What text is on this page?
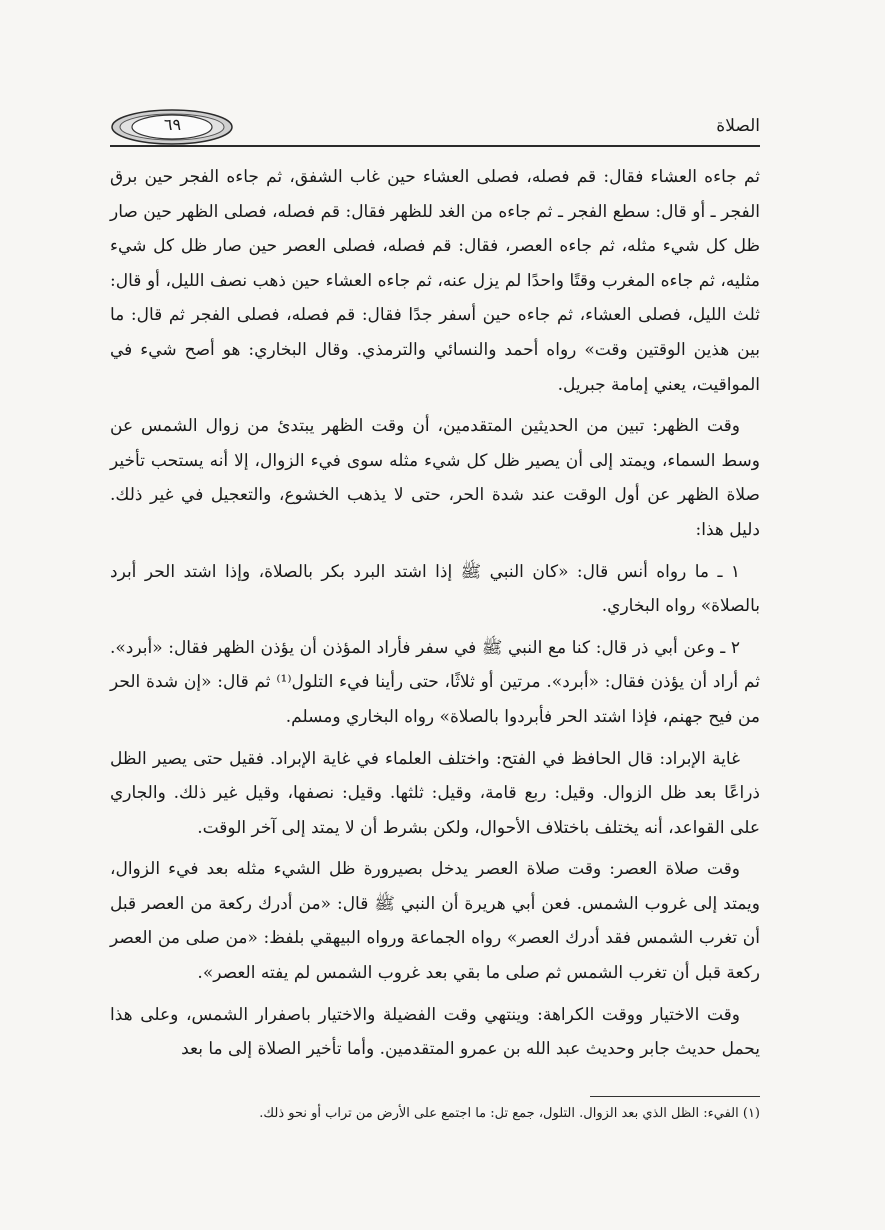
٦٩	الصلاة

ثم جاءه العشاء فقال: قم فصله، فصلى العشاء حين غاب الشفق، ثم جاءه الفجر حين برق الفجر ـ أو قال: سطع الفجر ـ ثم جاءه من الغد للظهر فقال: قم فصله، فصلى الظهر حين صار ظل كل شيء مثله، ثم جاءه العصر، فقال: قم فصله، فصلى العصر حين صار ظل كل شيء مثليه، ثم جاءه المغرب وقتًا واحدًا لم يزل عنه، ثم جاءه العشاء حين ذهب نصف الليل، أو قال: ثلث الليل، فصلى العشاء، ثم جاءه حين أسفر جدًا فقال: قم فصله، فصلى الفجر ثم قال: ما بين هذين الوقتين وقت» رواه أحمد والنسائي والترمذي. وقال البخاري: هو أصح شيء في المواقيت، يعني إمامة جبريل.

وقت الظهر: تبين من الحديثين المتقدمين، أن وقت الظهر يبتدئ من زوال الشمس عن وسط السماء، ويمتد إلى أن يصير ظل كل شيء مثله سوى فيء الزوال، إلا أنه يستحب تأخير صلاة الظهر عن أول الوقت عند شدة الحر، حتى لا يذهب الخشوع، والتعجيل في غير ذلك. دليل هذا:

١ ـ ما رواه أنس قال: «كان النبي ﷺ إذا اشتد البرد بكر بالصلاة، وإذا اشتد الحر أبرد بالصلاة» رواه البخاري.

٢ ـ وعن أبي ذر قال: كنا مع النبي ﷺ في سفر فأراد المؤذن أن يؤذن الظهر فقال: «أبرد». ثم أراد أن يؤذن فقال: «أبرد». مرتين أو ثلاثًا، حتى رأينا فيء التلول⁽¹⁾ ثم قال: «إن شدة الحر من فيح جهنم، فإذا اشتد الحر فأبردوا بالصلاة» رواه البخاري ومسلم.

غاية الإبراد: قال الحافظ في الفتح: واختلف العلماء في غاية الإبراد. فقيل حتى يصير الظل ذراعًا بعد ظل الزوال. وقيل: ربع قامة، وقيل: ثلثها. وقيل: نصفها، وقيل غير ذلك. والجاري على القواعد، أنه يختلف باختلاف الأحوال، ولكن بشرط أن لا يمتد إلى آخر الوقت.

وقت صلاة العصر: وقت صلاة العصر يدخل بصيرورة ظل الشيء مثله بعد فيء الزوال، ويمتد إلى غروب الشمس. فعن أبي هريرة أن النبي ﷺ قال: «من أدرك ركعة من العصر قبل أن تغرب الشمس فقد أدرك العصر» رواه الجماعة ورواه البيهقي بلفظ: «من صلى من العصر ركعة قبل أن تغرب الشمس ثم صلى ما بقي بعد غروب الشمس لم يفته العصر».

وقت الاختيار ووقت الكراهة: وينتهي وقت الفضيلة والاختيار باصفرار الشمس، وعلى هذا يحمل حديث جابر وحديث عبد الله بن عمرو المتقدمين. وأما تأخير الصلاة إلى ما بعد

(١) الفيء: الظل الذي بعد الزوال. التلول، جمع تل: ما اجتمع على الأرض من تراب أو نحو ذلك.
